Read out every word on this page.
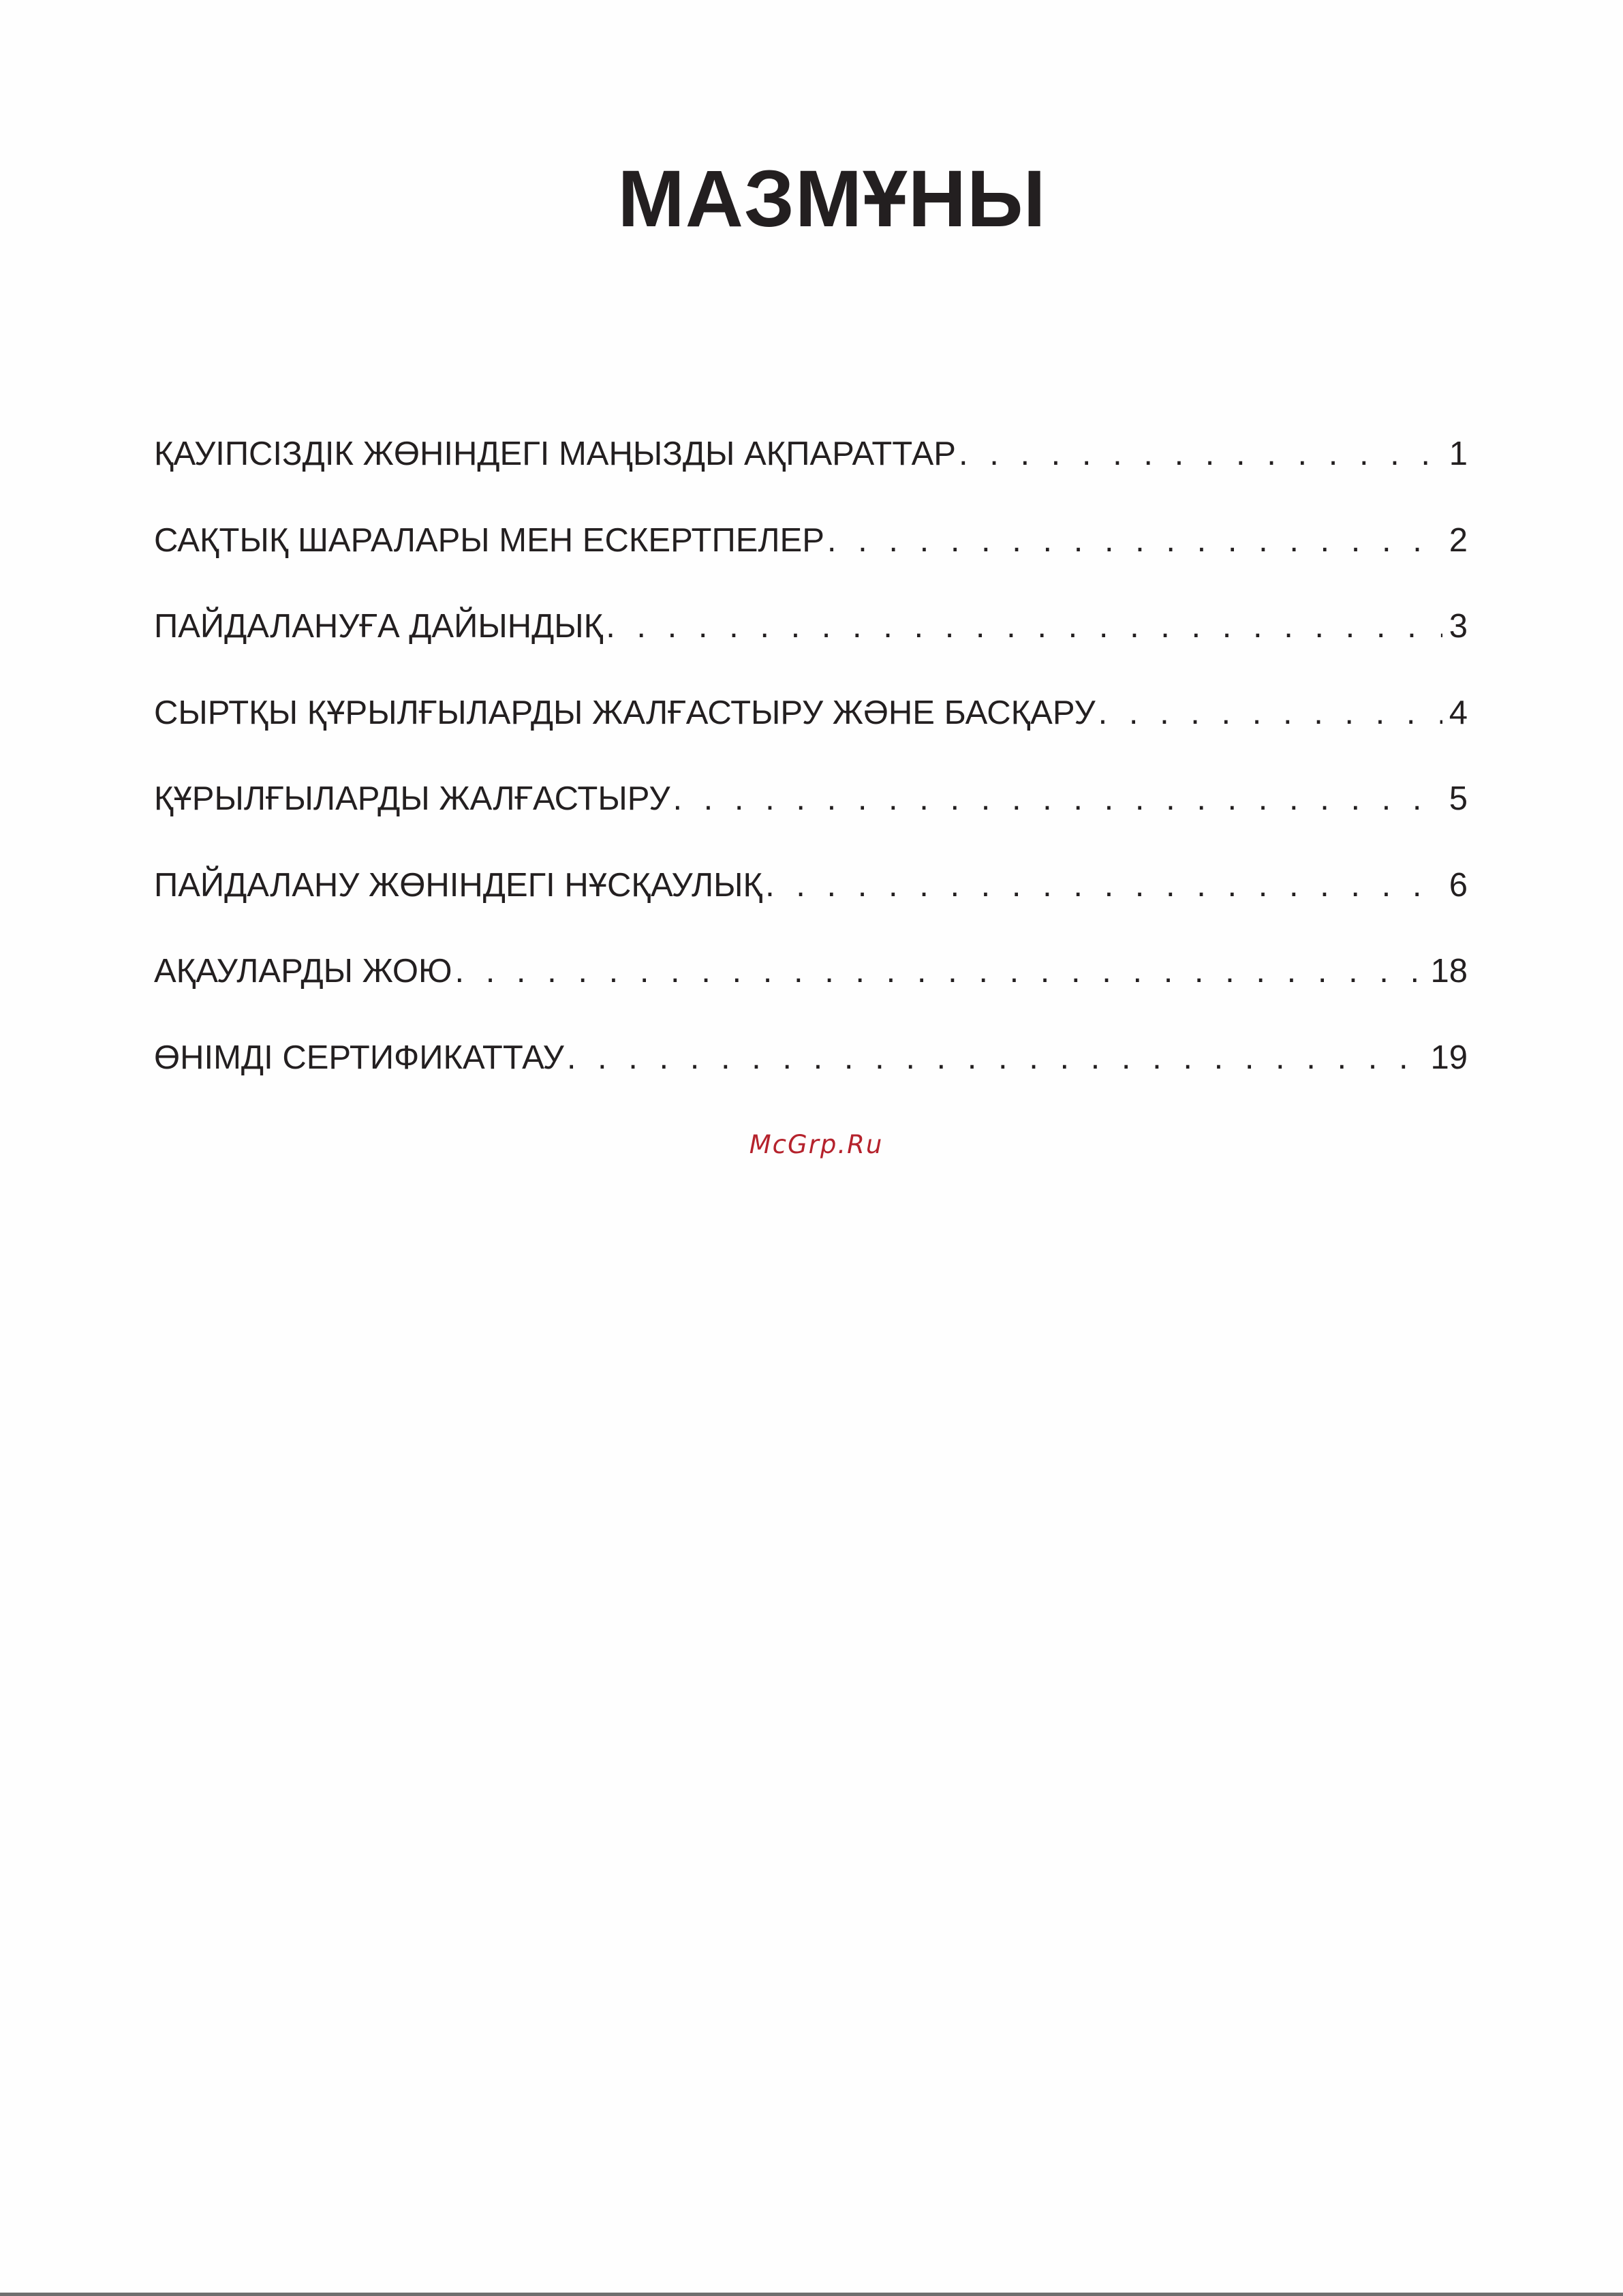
МАЗМҰНЫ
ҚАУІПСІЗДІК ЖӨНІНДЕГІ МАҢЫЗДЫ АҚПАРАТТАР . . .	1
САҚТЫҚ ШАРАЛАРЫ МЕН ЕСКЕРТПЕЛЕР . . .	2
ПАЙДАЛАНУҒА ДАЙЫНДЫҚ . . .	3
СЫРТҚЫ ҚҰРЫЛҒЫЛАРДЫ ЖАЛҒАСТЫРУ ЖӘНЕ БАСҚАРУ . . .	4
ҚҰРЫЛҒЫЛАРДЫ ЖАЛҒАСТЫРУ . . .	5
ПАЙДАЛАНУ ЖӨНІНДЕГІ НҰСҚАУЛЫҚ . . .	6
АҚАУЛАРДЫ ЖОЮ . . .	18
ӨНІМДІ СЕРТИФИКАТТАУ . . .	19
McGrp.Ru
